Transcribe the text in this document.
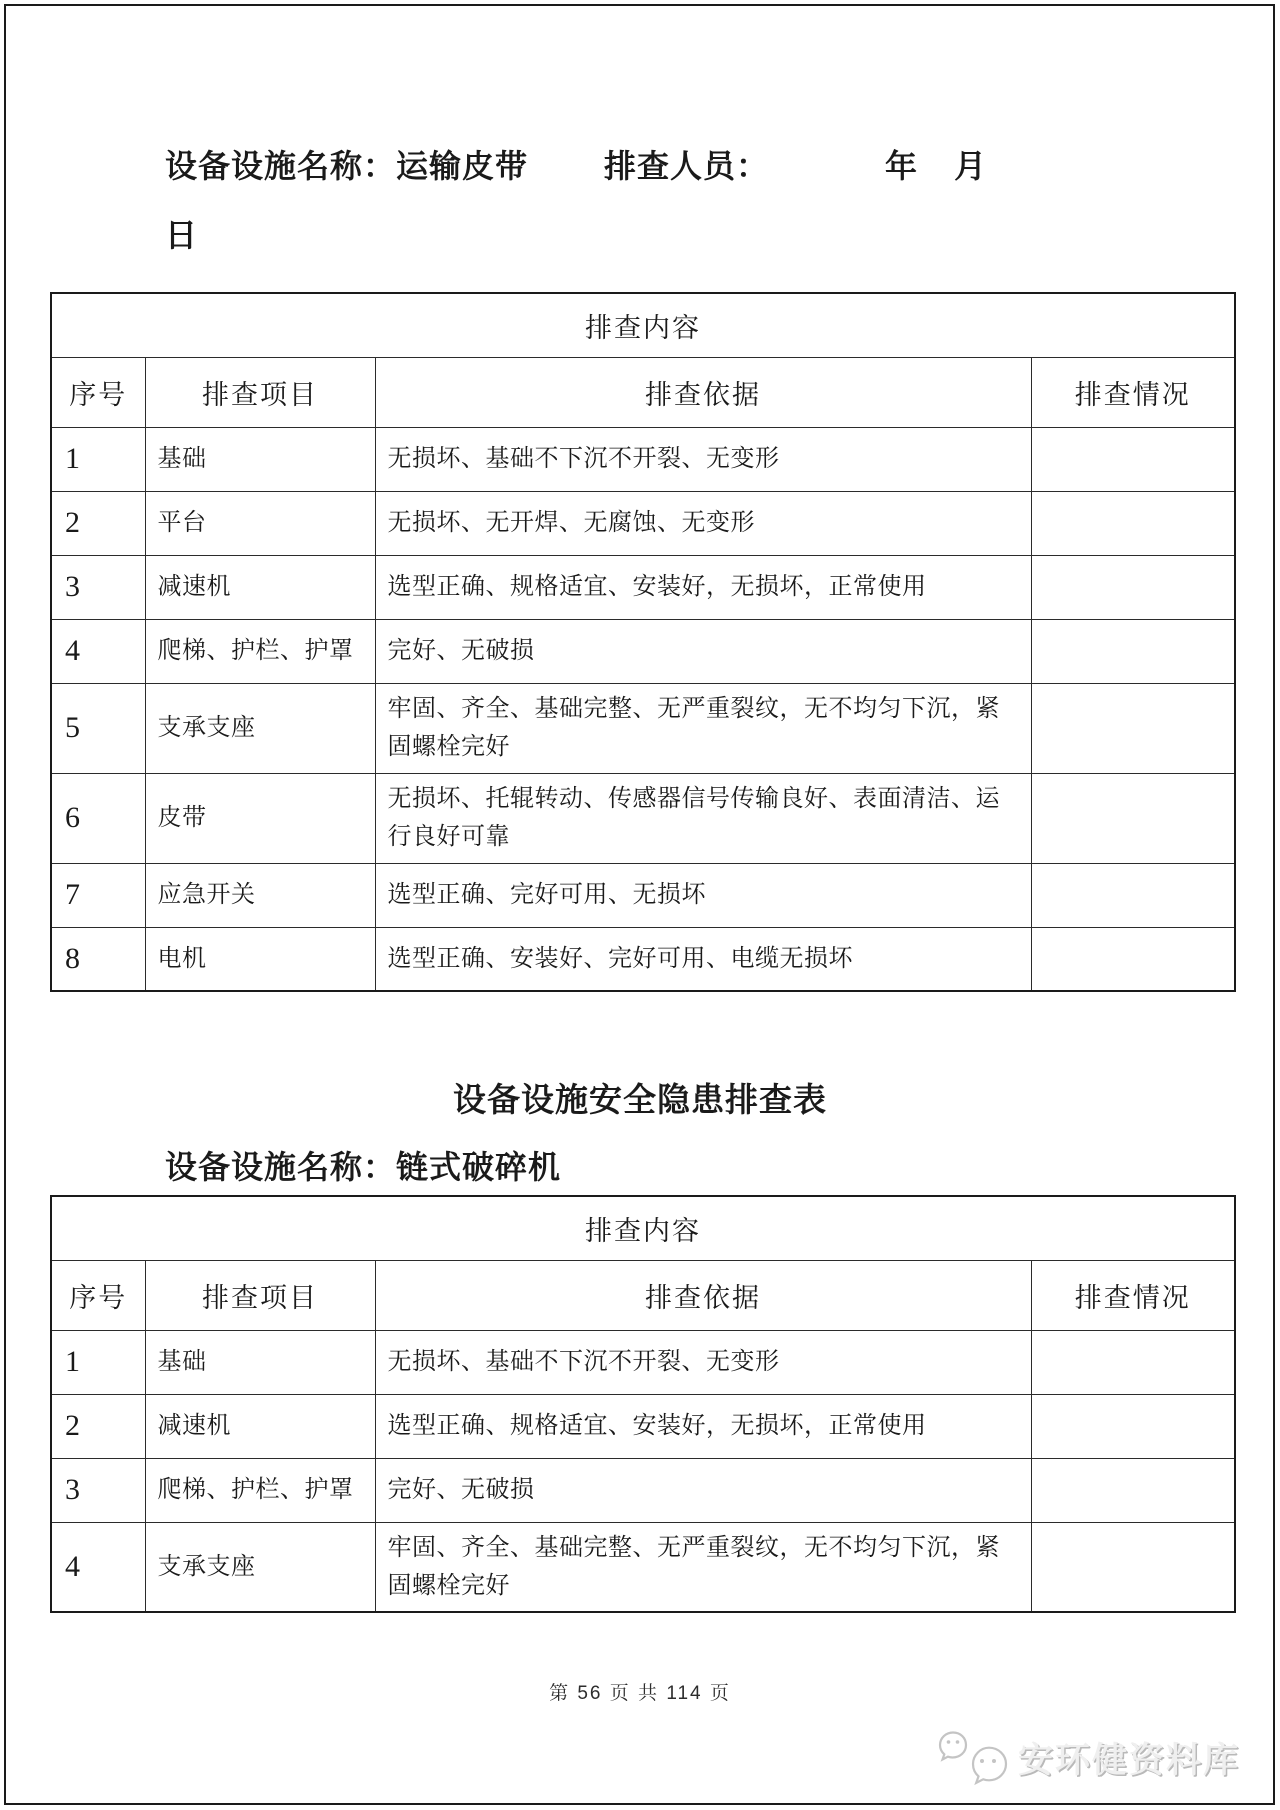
设备设施名称：运输皮带 排查人员：	年 月
日
排查内容			
序号	排查项目	排查依据	排查情况
1	基础	无损坏、基础不下沉不开裂、无变形	
2	平台	无损坏、无开焊、无腐蚀、无变形	
3	减速机	选型正确、规格适宜、安装好，无损坏，正常使用	
4	爬梯、护栏、护罩	完好、无破损	
5	支承支座	牢固、齐全、基础完整、无严重裂纹，无不均匀下沉，紧固螺栓完好	
6	皮带	无损坏、托辊转动、传感器信号传输良好、表面清洁、运行良好可靠	
7	应急开关	选型正确、完好可用、无损坏	
8	电机	选型正确、安装好、完好可用、电缆无损坏	
设备设施安全隐患排查表
设备设施名称：链式破碎机
排查内容			
序号	排查项目	排查依据	排查情况
1	基础	无损坏、基础不下沉不开裂、无变形	
2	减速机	选型正确、规格适宜、安装好，无损坏，正常使用	
3	爬梯、护栏、护罩	完好、无破损	
4	支承支座	牢固、齐全、基础完整、无严重裂纹，无不均匀下沉，紧固螺栓完好	
第 56 页 共 114 页
安环健资料库
